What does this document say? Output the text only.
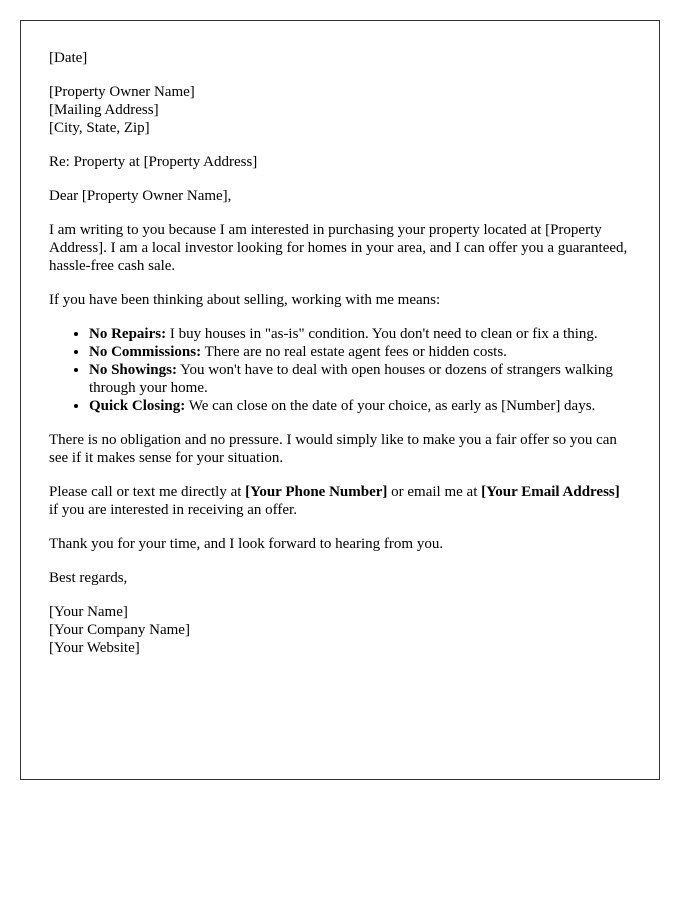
[Date]

[Property Owner Name]
[Mailing Address]
[City, State, Zip]

Re: Property at [Property Address]

Dear [Property Owner Name],

I am writing to you because I am interested in purchasing your property located at [Property Address]. I am a local investor looking for homes in your area, and I can offer you a guaranteed, hassle-free cash sale.

If you have been thinking about selling, working with me means:

• No Repairs: I buy houses in "as-is" condition. You don't need to clean or fix a thing.
• No Commissions: There are no real estate agent fees or hidden costs.
• No Showings: You won't have to deal with open houses or dozens of strangers walking through your home.
• Quick Closing: We can close on the date of your choice, as early as [Number] days.

There is no obligation and no pressure. I would simply like to make you a fair offer so you can see if it makes sense for your situation.

Please call or text me directly at [Your Phone Number] or email me at [Your Email Address] if you are interested in receiving an offer.

Thank you for your time, and I look forward to hearing from you.

Best regards,

[Your Name]
[Your Company Name]
[Your Website]
